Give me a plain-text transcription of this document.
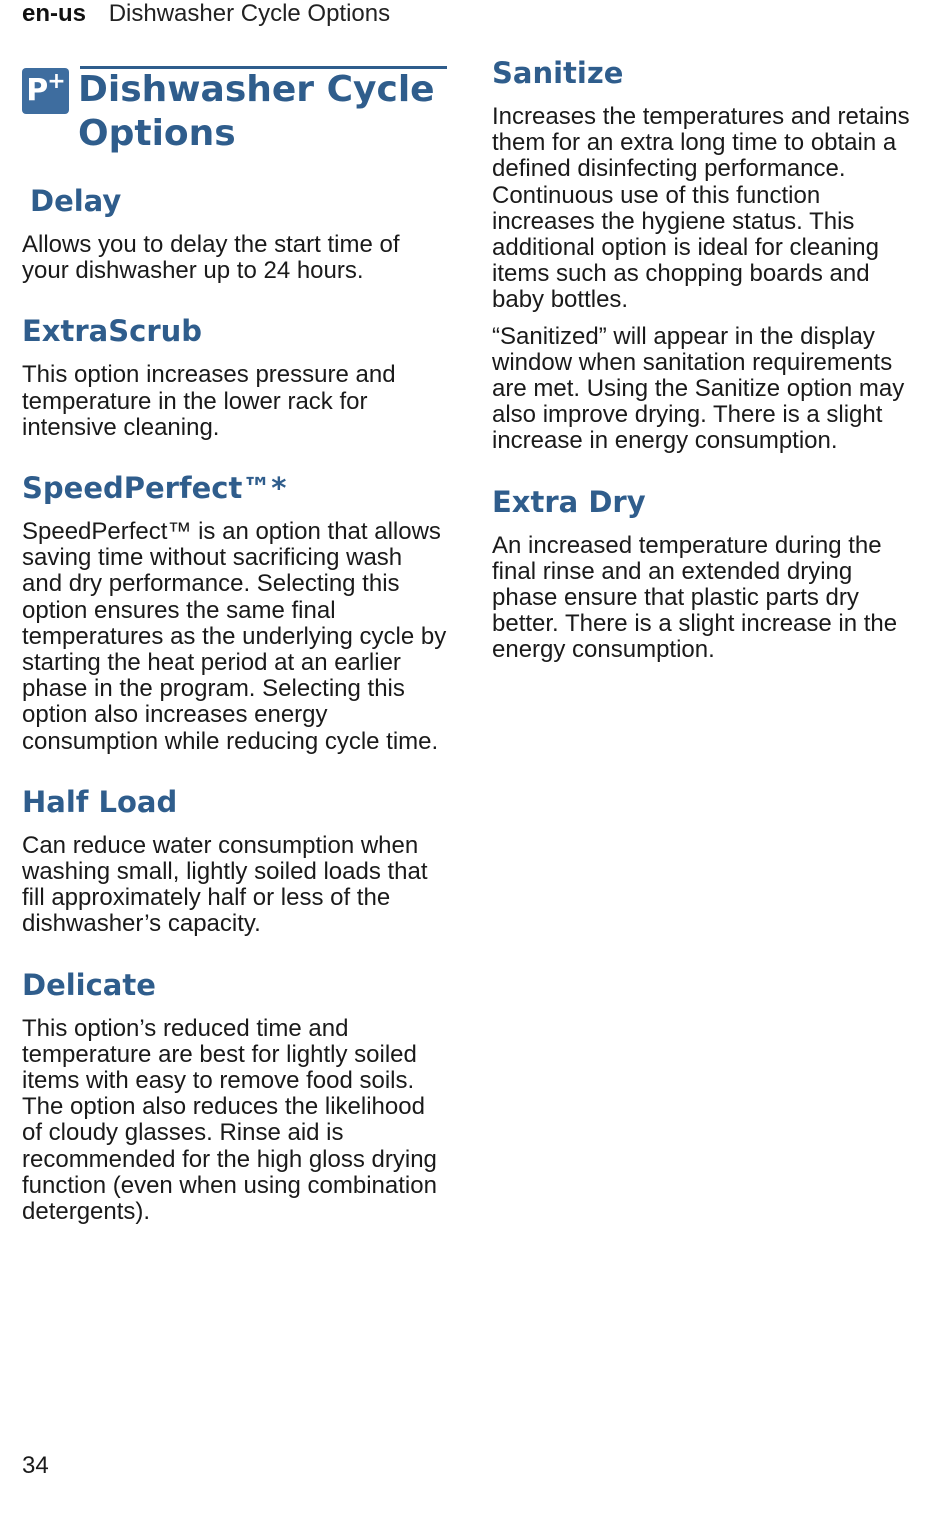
en-us Dishwasher Cycle Options
P+ Dishwasher Cycle Options
Delay

Allows you to delay the start time of your dishwasher up to 24 hours.

ExtraScrub

This option increases pressure and temperature in the lower rack for intensive cleaning.

SpeedPerfect™*

SpeedPerfect™ is an option that allows saving time without sacrificing wash and dry performance. Selecting this option ensures the same final temperatures as the underlying cycle by starting the heat period at an earlier phase in the program. Selecting this option also increases energy consumption while reducing cycle time.

Half Load

Can reduce water consumption when washing small, lightly soiled loads that fill approximately half or less of the dishwasher’s capacity.

Delicate

This option’s reduced time and temperature are best for lightly soiled items with easy to remove food soils. The option also reduces the likelihood of cloudy glasses. Rinse aid is recommended for the high gloss drying function (even when using combination detergents).

Sanitize

Increases the temperatures and retains them for an extra long time to obtain a defined disinfecting performance. Continuous use of this function increases the hygiene status. This additional option is ideal for cleaning items such as chopping boards and baby bottles.

“Sanitized” will appear in the display window when sanitation requirements are met. Using the Sanitize option may also improve drying. There is a slight increase in energy consumption.

Extra Dry

An increased temperature during the final rinse and an extended drying phase ensure that plastic parts dry better. There is a slight increase in the energy consumption.

34
